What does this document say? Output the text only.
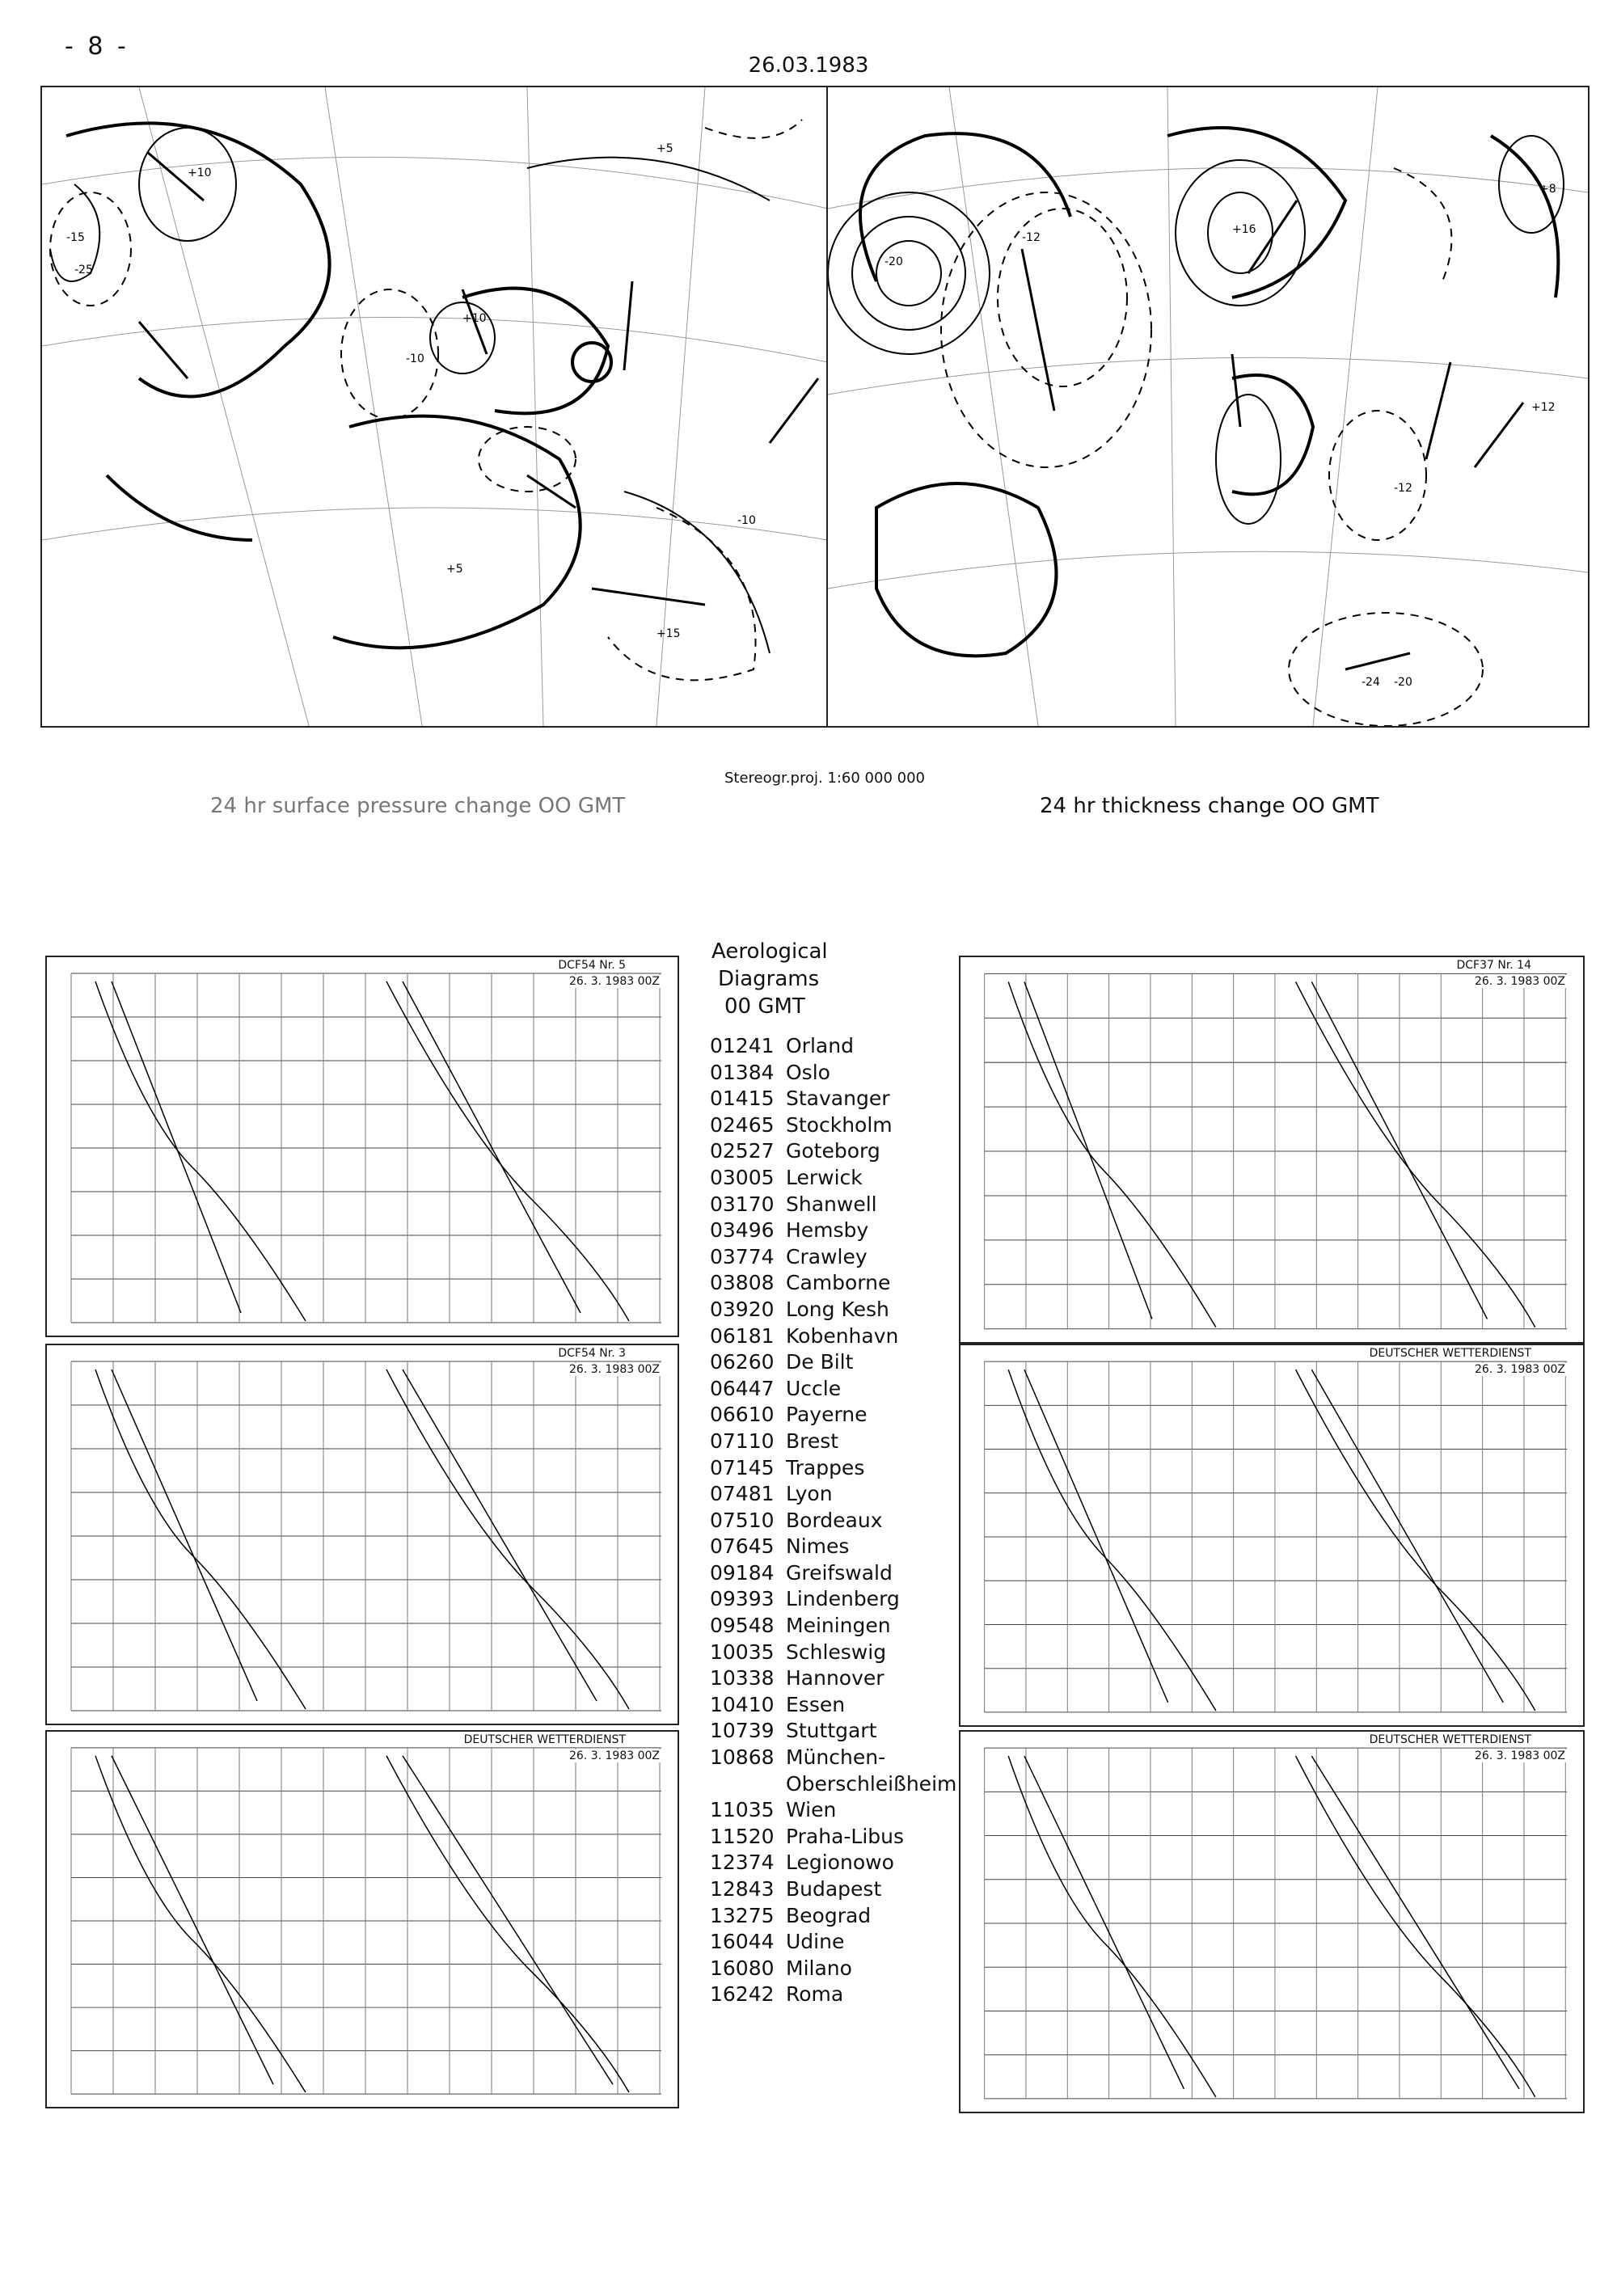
- 8 -
26.03.1983
+10
-15
-25
-10
+10
+5
+5
-10
+15
-20
+16
+8
+12
-12
-24 -20
-12
Stereogr.proj. 1:60 000 000
24 hr surface pressure change OO GMT	24 hr thickness change OO GMT
Aerological
Diagrams
00 GMT
01241 Orland
01384 Oslo
01415 Stavanger
02465 Stockholm
02527 Goteborg
03005 Lerwick
03170 Shanwell
03496 Hemsby
03774 Crawley
03808 Camborne
03920 Long Kesh
06181 Kobenhavn
06260 De Bilt
06447 Uccle
06610 Payerne
07110 Brest
07145 Trappes
07481 Lyon
07510 Bordeaux
07645 Nimes
09184 Greifswald
09393 Lindenberg
09548 Meiningen
10035 Schleswig
10338 Hannover
10410 Essen
10739 Stuttgart
10868 München-
Oberschleißheim
11035 Wien
11520 Praha-Libus
12374 Legionowo
12843 Budapest
13275 Beograd
16044 Udine
16080 Milano
16242 Roma
DCF54 Nr. 5
26. 3. 1983 00Z
DCF54 Nr. 3
26. 3. 1983 00Z
DEUTSCHER WETTERDIENST
26. 3. 1983 00Z
DCF37 Nr. 14
26. 3. 1983 00Z
DEUTSCHER WETTERDIENST
26. 3. 1983 00Z
DEUTSCHER WETTERDIENST
26. 3. 1983 00Z
